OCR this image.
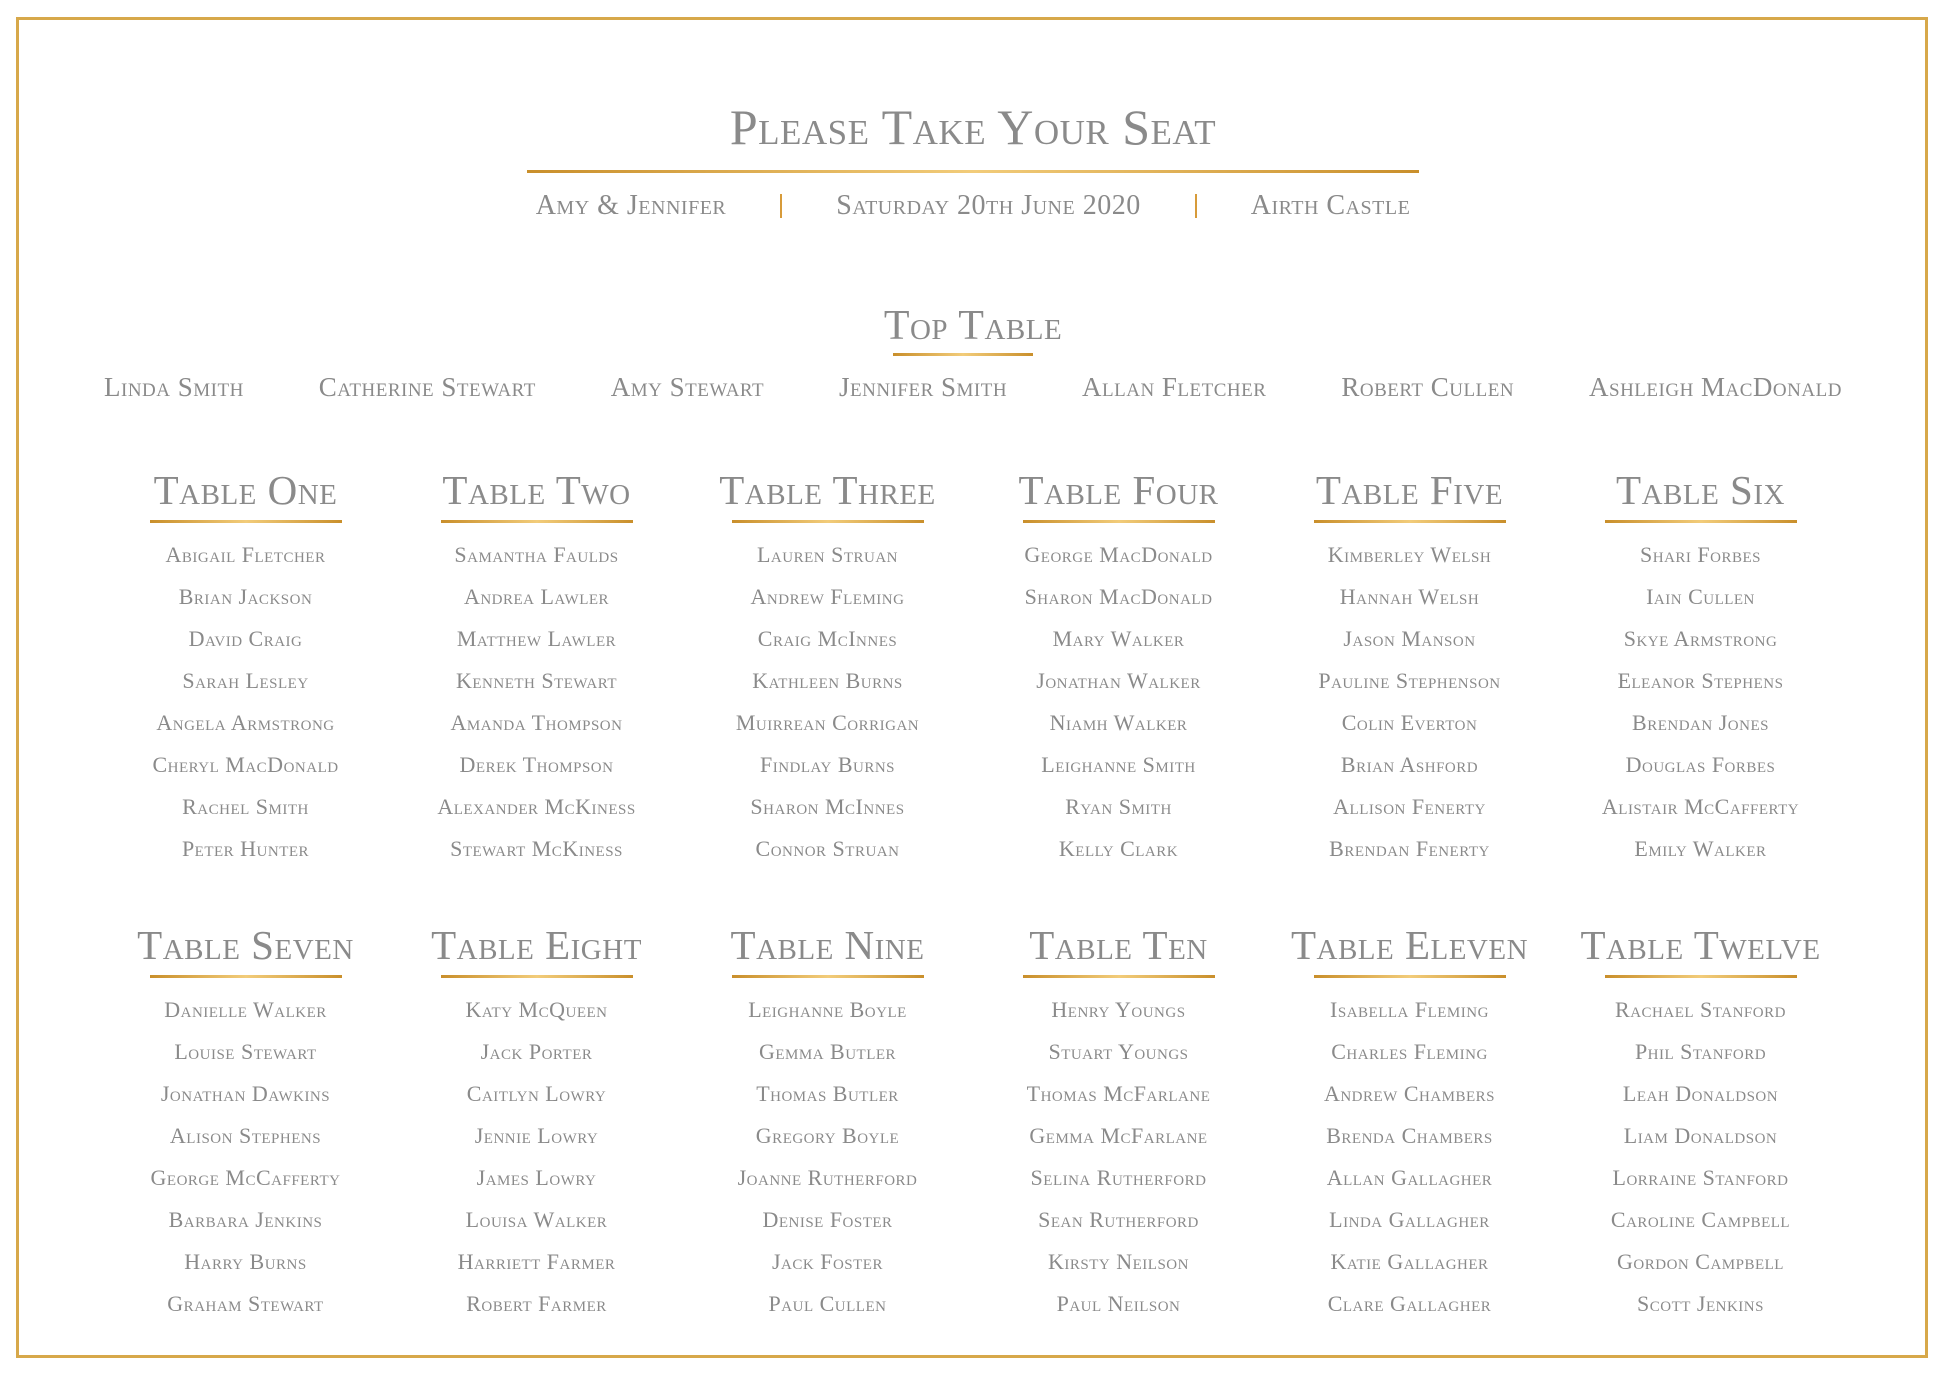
Please Take Your Seat
Amy & Jennifer	Saturday 20th June 2020	Airth Castle
Top Table
Linda Smith	Catherine Stewart	Amy Stewart	Jennifer Smith	Allan Fletcher	Robert Cullen	Ashleigh MacDonald
Table One
Abigail Fletcher
Brian Jackson
David Craig
Sarah Lesley
Angela Armstrong
Cheryl MacDonald
Rachel Smith
Peter Hunter
Table Two
Samantha Faulds
Andrea Lawler
Matthew Lawler
Kenneth Stewart
Amanda Thompson
Derek Thompson
Alexander McKiness
Stewart McKiness
Table Three
Lauren Struan
Andrew Fleming
Craig McInnes
Kathleen Burns
Muirrean Corrigan
Findlay Burns
Sharon McInnes
Connor Struan
Table Four
George MacDonald
Sharon MacDonald
Mary Walker
Jonathan Walker
Niamh Walker
Leighanne Smith
Ryan Smith
Kelly Clark
Table Five
Kimberley Welsh
Hannah Welsh
Jason Manson
Pauline Stephenson
Colin Everton
Brian Ashford
Allison Fenerty
Brendan Fenerty
Table Six
Shari Forbes
Iain Cullen
Skye Armstrong
Eleanor Stephens
Brendan Jones
Douglas Forbes
Alistair McCafferty
Emily Walker
Table Seven
Danielle Walker
Louise Stewart
Jonathan Dawkins
Alison Stephens
George McCafferty
Barbara Jenkins
Harry Burns
Graham Stewart
Table Eight
Katy McQueen
Jack Porter
Caitlyn Lowry
Jennie Lowry
James Lowry
Louisa Walker
Harriett Farmer
Robert Farmer
Table Nine
Leighanne Boyle
Gemma Butler
Thomas Butler
Gregory Boyle
Joanne Rutherford
Denise Foster
Jack Foster
Paul Cullen
Table Ten
Henry Youngs
Stuart Youngs
Thomas McFarlane
Gemma McFarlane
Selina Rutherford
Sean Rutherford
Kirsty Neilson
Paul Neilson
Table Eleven
Isabella Fleming
Charles Fleming
Andrew Chambers
Brenda Chambers
Allan Gallagher
Linda Gallagher
Katie Gallagher
Clare Gallagher
Table Twelve
Rachael Stanford
Phil Stanford
Leah Donaldson
Liam Donaldson
Lorraine Stanford
Caroline Campbell
Gordon Campbell
Scott Jenkins
